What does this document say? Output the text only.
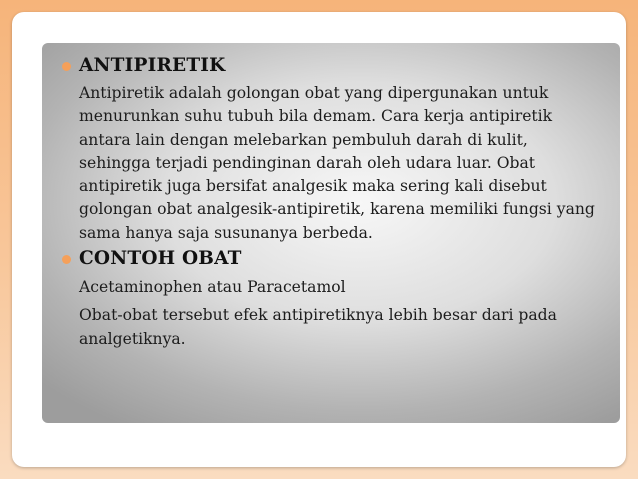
ANTIPIRETIK
Antipiretik adalah golongan obat yang dipergunakan untuk menurunkan suhu tubuh bila demam. Cara kerja antipiretik antara lain dengan melebarkan pembuluh darah di kulit, sehingga terjadi pendinginan darah oleh udara luar. Obat antipiretik juga bersifat analgesik maka sering kali disebut golongan obat analgesik-antipiretik, karena memiliki fungsi yang sama hanya saja susunanya berbeda.
CONTOH OBAT
Acetaminophen atau Paracetamol
Obat-obat tersebut efek antipiretiknya lebih besar dari pada analgetiknya.
